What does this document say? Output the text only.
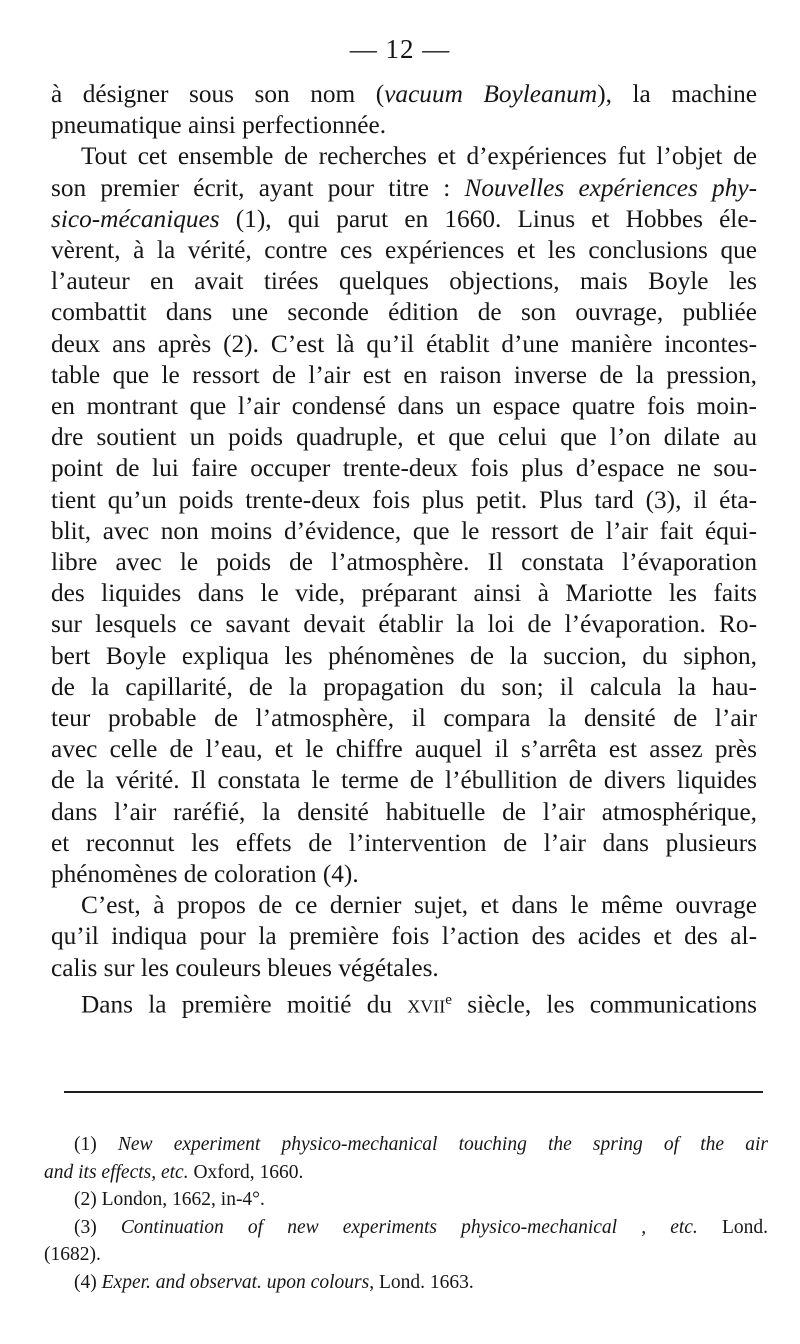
— 12 —

à désigner sous son nom (vacuum Boyleanum), la machine
pneumatique ainsi perfectionnée.

Tout cet ensemble de recherches et d’expériences fut l’objet de
son premier écrit, ayant pour titre : Nouvelles expériences phy-
sico-mécaniques (1), qui parut en 1660. Linus et Hobbes éle-
vèrent, à la vérité, contre ces expériences et les conclusions que
l’auteur en avait tirées quelques objections, mais Boyle les
combattit dans une seconde édition de son ouvrage, publiée
deux ans après (2). C’est là qu’il établit d’une manière incontes-
table que le ressort de l’air est en raison inverse de la pression,
en montrant que l’air condensé dans un espace quatre fois moin-
dre soutient un poids quadruple, et que celui que l’on dilate au
point de lui faire occuper trente-deux fois plus d’espace ne sou-
tient qu’un poids trente-deux fois plus petit. Plus tard (3), il éta-
blit, avec non moins d’évidence, que le ressort de l’air fait équi-
libre avec le poids de l’atmosphère. Il constata l’évaporation
des liquides dans le vide, préparant ainsi à Mariotte les faits
sur lesquels ce savant devait établir la loi de l’évaporation. Ro-
bert Boyle expliqua les phénomènes de la succion, du siphon,
de la capillarité, de la propagation du son; il calcula la hau-
teur probable de l’atmosphère, il compara la densité de l’air
avec celle de l’eau, et le chiffre auquel il s’arrêta est assez près
de la vérité. Il constata le terme de l’ébullition de divers liquides
dans l’air raréfié, la densité habituelle de l’air atmosphérique,
et reconnut les effets de l’intervention de l’air dans plusieurs
phénomènes de coloration (4).

C’est, à propos de ce dernier sujet, et dans le même ouvrage
qu’il indiqua pour la première fois l’action des acides et des al-
calis sur les couleurs bleues végétales.

Dans la première moitié du xvii$^e$ siècle, les communications

(1) New experiment physico-mechanical touching the spring of the air
and its effects, etc. Oxford, 1660.
(2) London, 1662, in-4°.
(3) Continuation of new experiments physico-mechanical , etc. Lond.
(1682).
(4) Exper. and observat. upon colours, Lond. 1663.
